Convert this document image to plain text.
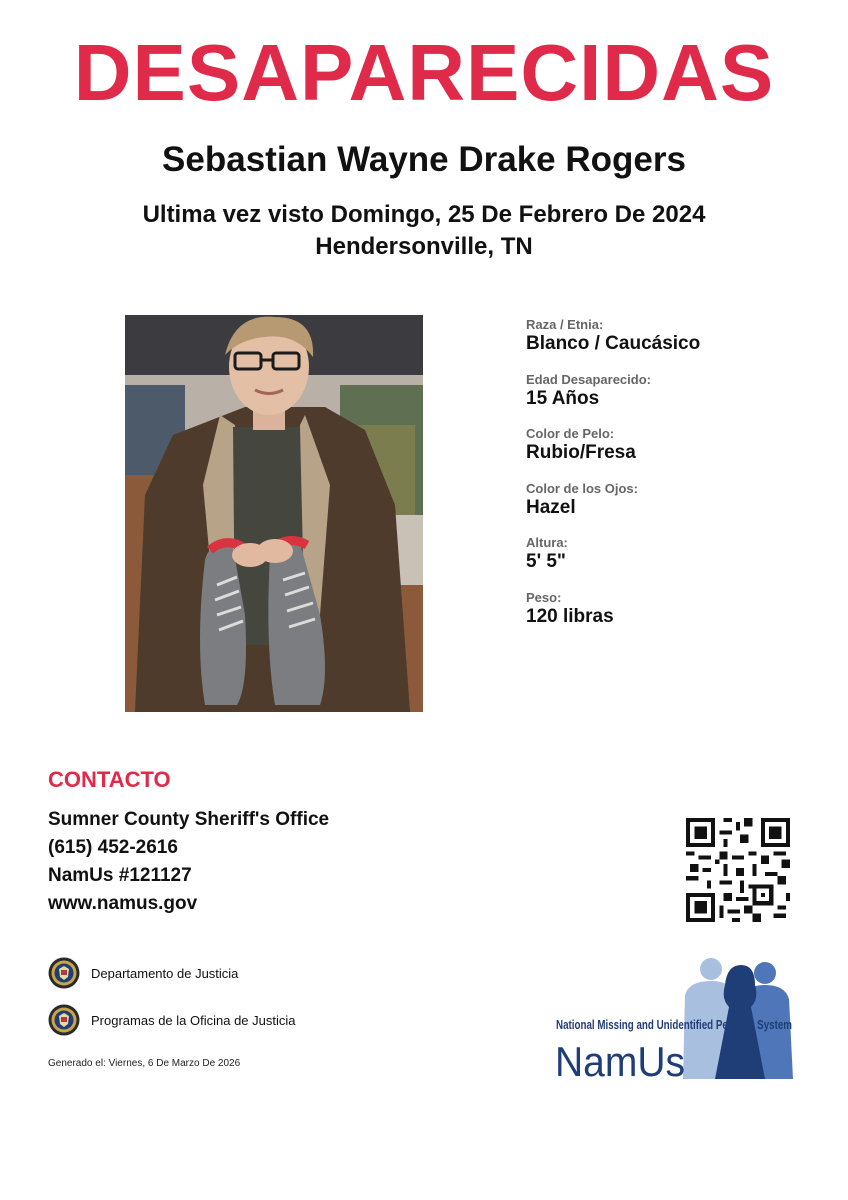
DESAPARECIDAS
Sebastian Wayne Drake Rogers
Ultima vez visto Domingo, 25 De Febrero De 2024
Hendersonville, TN
Raza / Etnia:
Blanco / Caucásico
Edad Desaparecido:
15 Años
Color de Pelo:
Rubio/Fresa
Color de los Ojos:
Hazel
Altura:
5' 5"
Peso:
120 libras
CONTACTO
Sumner County Sheriff's Office
(615) 452-2616
NamUs #121127
www.namus.gov
Departamento de Justicia
Programas de la Oficina de Justicia
Generado el: Viernes, 6 De Marzo De 2026
National Missing and Unidentified Persons System
NamUs
